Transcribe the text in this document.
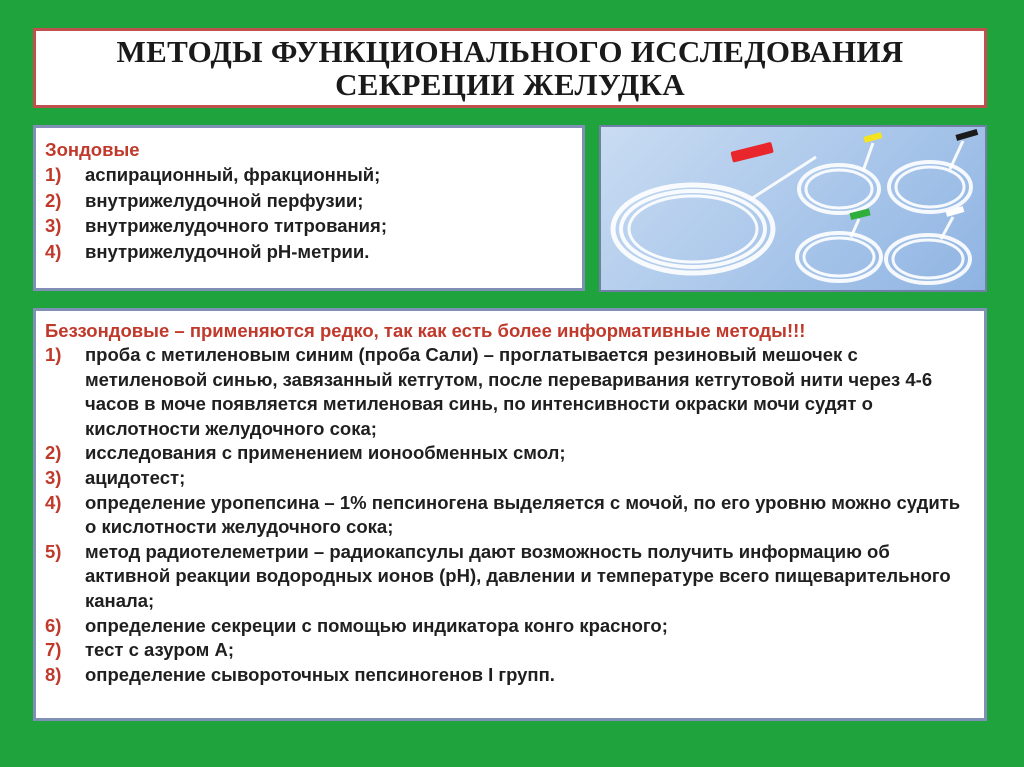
МЕТОДЫ ФУНКЦИОНАЛЬНОГО ИССЛЕДОВАНИЯ
СЕКРЕЦИИ ЖЕЛУДКА
Зондовые
1)	аспирационный, фракционный;
2)	внутрижелудочной перфузии;
3)	внутрижелудочного титрования;
4)	внутрижелудочной рН-метрии.
Беззондовые – применяются редко, так как есть более информативные методы!!!
1)	проба с метиленовым синим (проба Сали) – проглатывается резиновый мешочек с метиленовой синью, завязанный кетгутом, после переваривания кетгутовой нити через 4-6 часов в моче появляется метиленовая синь, по интенсивности окраски мочи судят о кислотности желудочного сока;
2)	исследования с применением ионообменных смол;
3)	ацидотест;
4)	определение уропепсина – 1% пепсиногена выделяется с мочой, по его уровню можно судить о кислотности желудочного сока;
5)	метод радиотелеметрии – радиокапсулы дают возможность получить информацию об активной реакции водородных ионов (рН), давлении и температуре всего пищеварительного канала;
6)	определение секреции с помощью индикатора конго красного;
7)	тест с азуром А;
8)	определение сывороточных пепсиногенов I групп.
